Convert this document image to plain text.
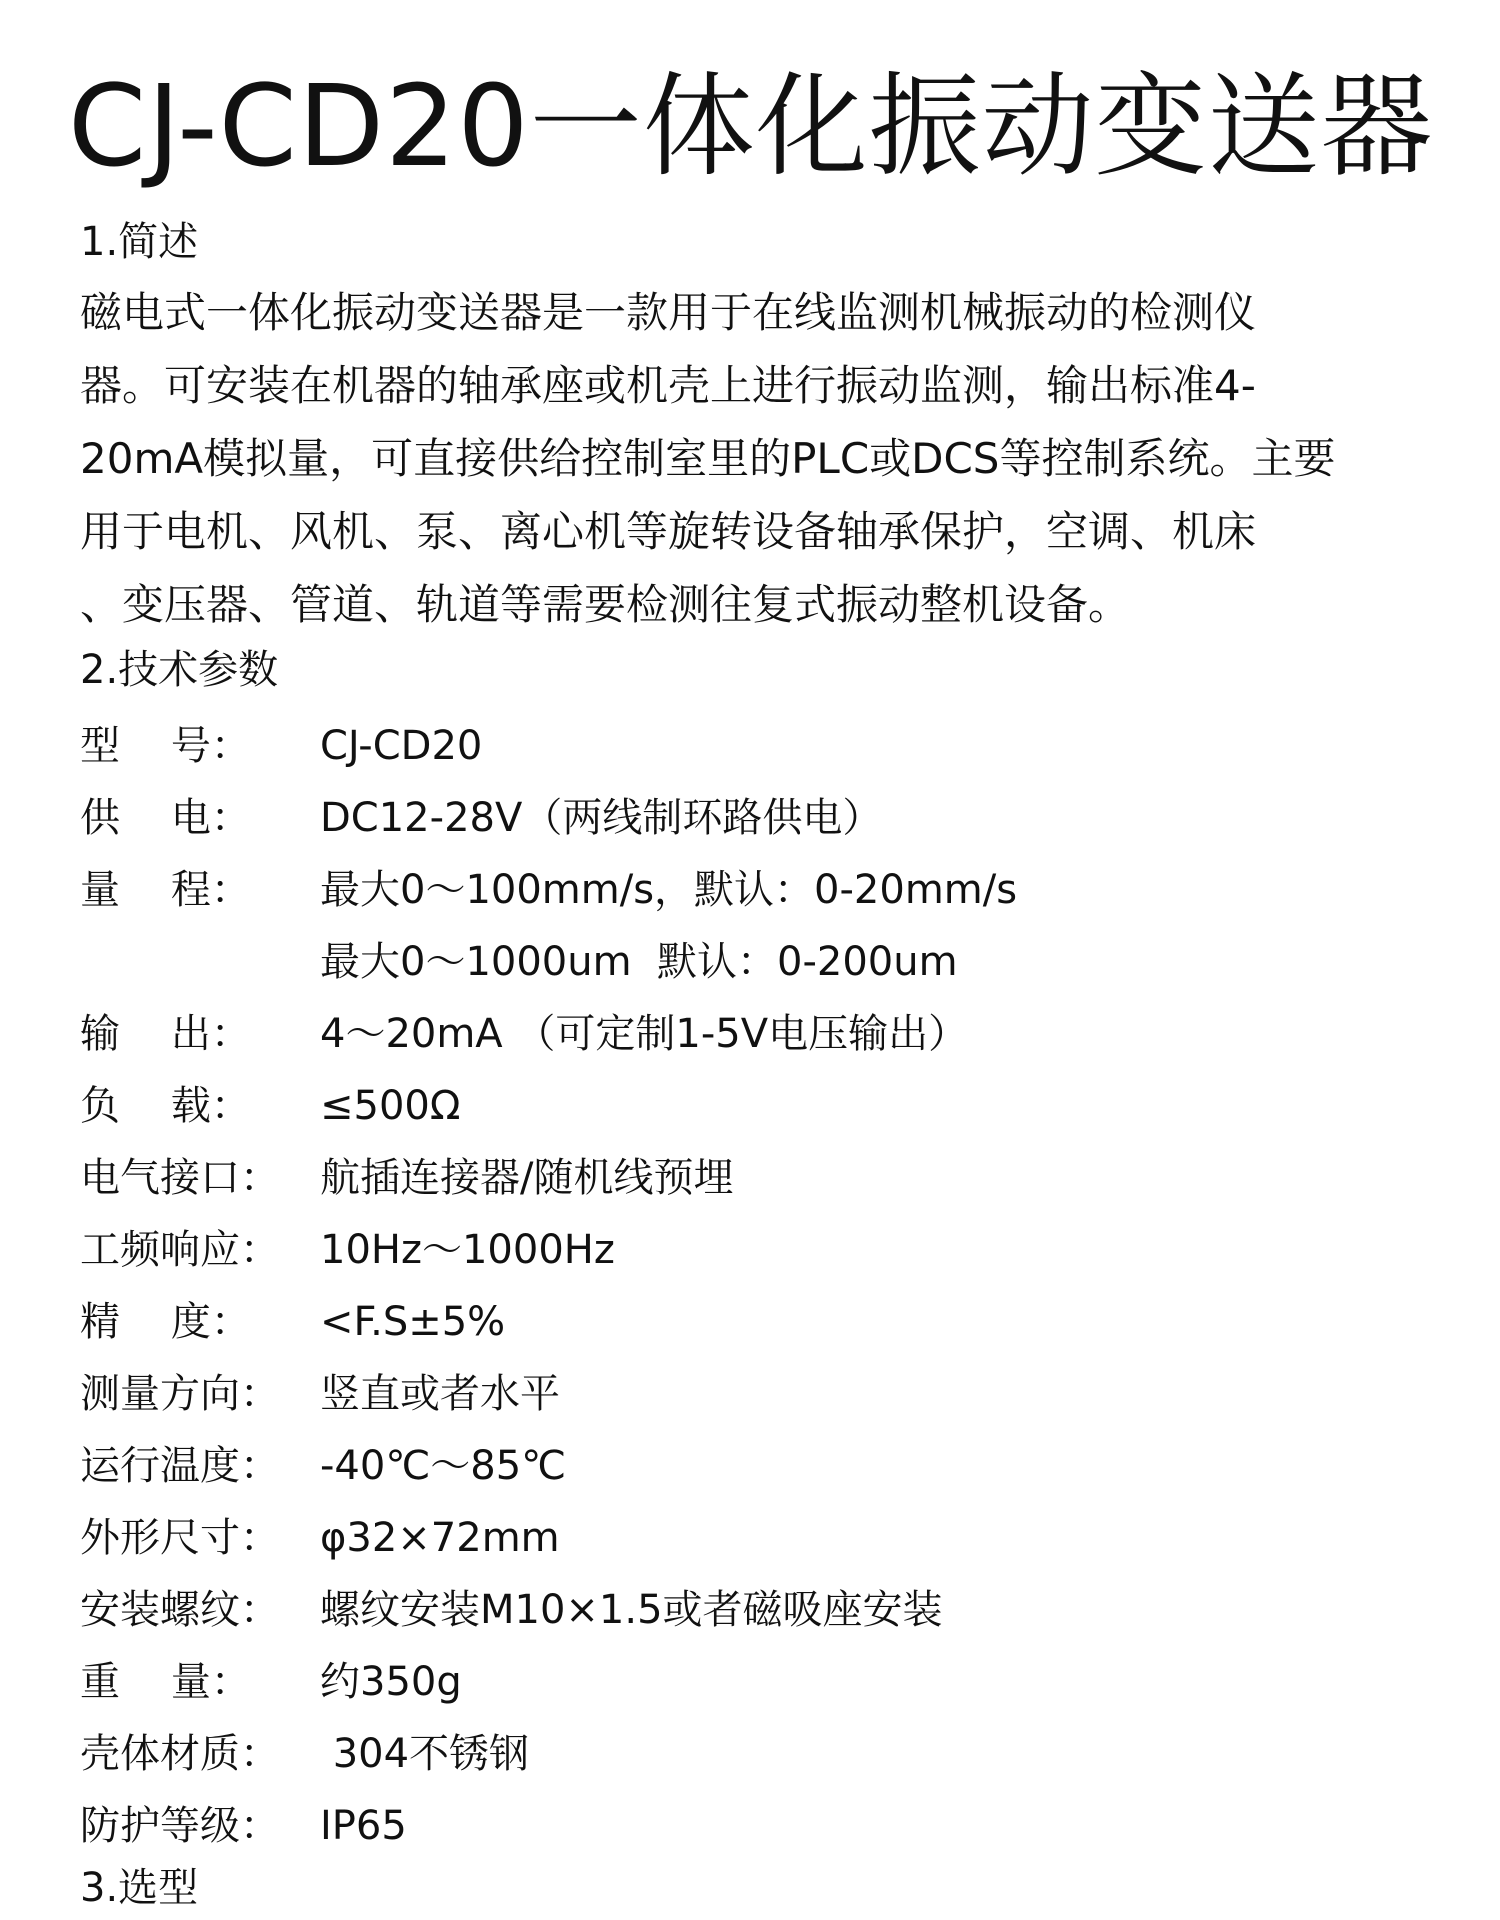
CJ-CD20一体化振动变送器
1.简述
磁电式一体化振动变送器是一款用于在线监测机械振动的检测仪
器。可安装在机器的轴承座或机壳上进行振动监测，输出标准4-
20mA模拟量，可直接供给控制室里的PLC或DCS等控制系统。主要
用于电机、风机、泵、离心机等旋转设备轴承保护，空调、机床
、变压器、管道、轨道等需要检测往复式振动整机设备。
2.技术参数
型    号： CJ-CD20
供    电： DC12-28V（两线制环路供电）
量    程： 最大0～100mm/s，默认：0-20mm/s
最大0～1000um  默认：0-200um
输    出： 4～20mA （可定制1-5V电压输出）
负    载： ≤500Ω
电气接口： 航插连接器/随机线预埋
工频响应： 10Hz～1000Hz
精    度： <F.S±5%
测量方向： 竖直或者水平
运行温度： -40℃～85℃
外形尺寸： φ32×72mm
安装螺纹： 螺纹安装M10×1.5或者磁吸座安装
重    量： 约350g
壳体材质： 304不锈钢
防护等级： IP65
3.选型
